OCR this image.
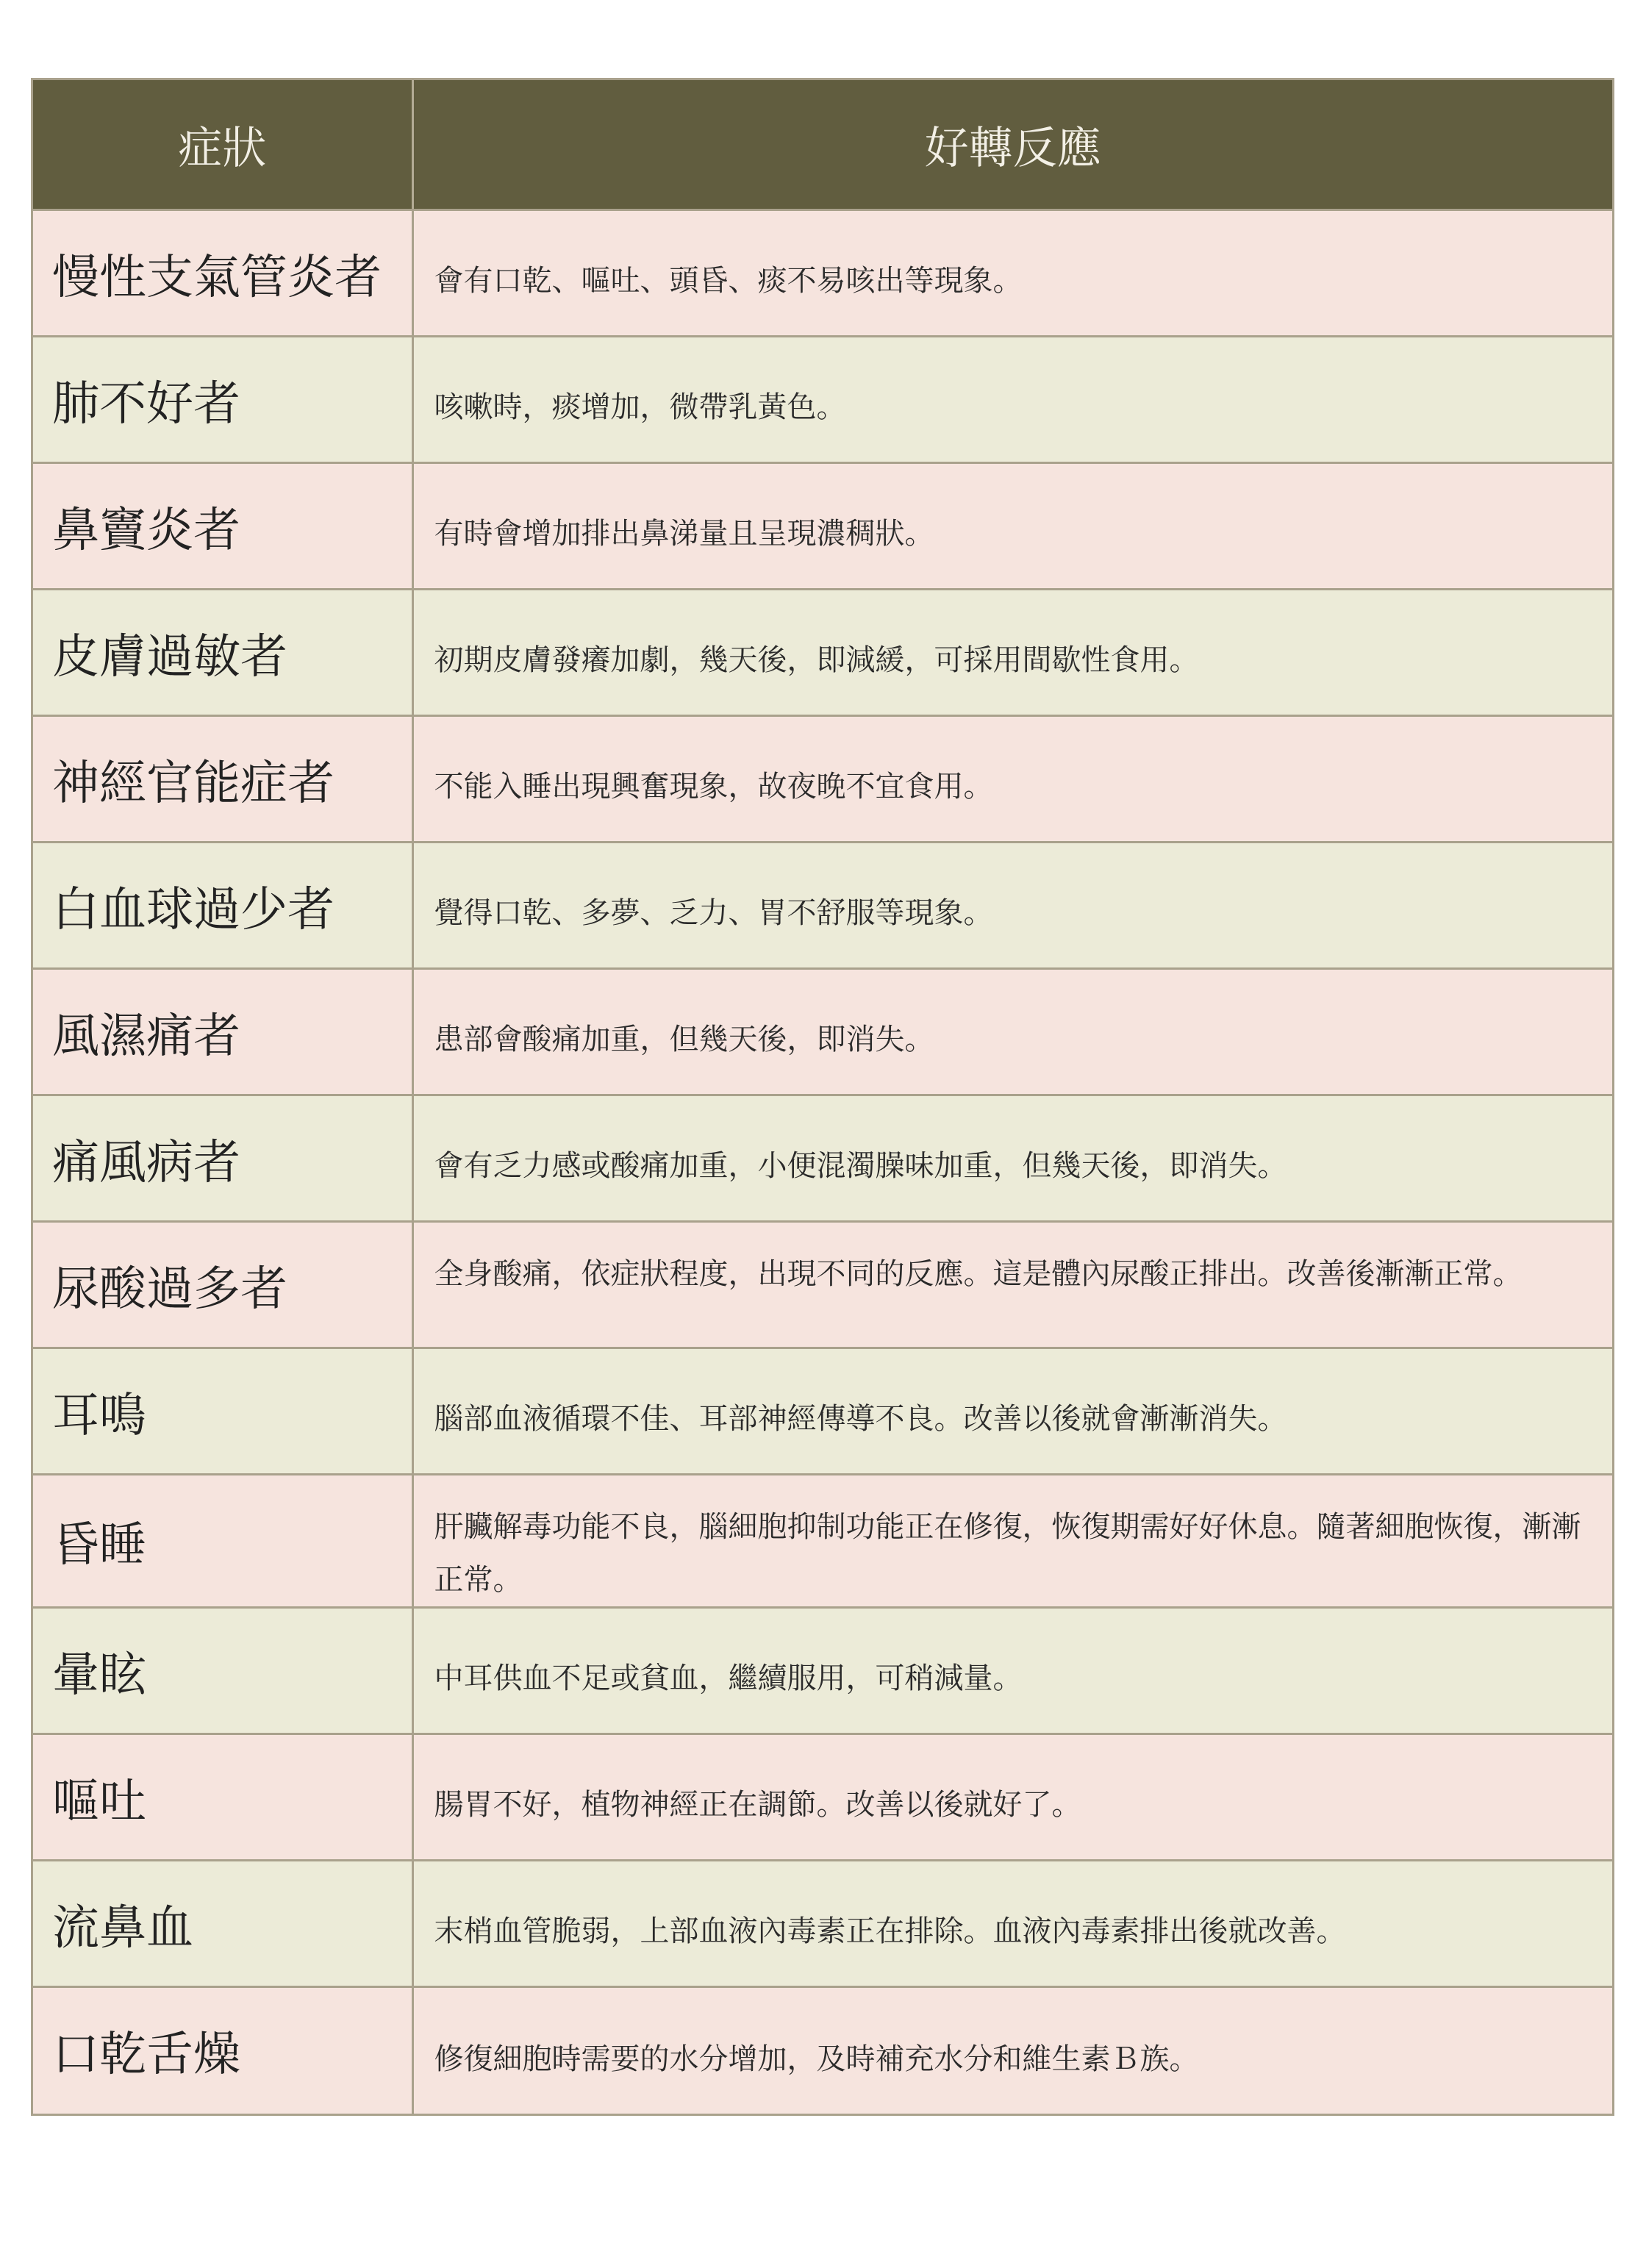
症狀	好轉反應
慢性支氣管炎者	會有口乾、嘔吐、頭昏、痰不易咳出等現象。
肺不好者	咳嗽時，痰增加，微帶乳黃色。
鼻竇炎者	有時會增加排出鼻涕量且呈現濃稠狀。
皮膚過敏者	初期皮膚發癢加劇，幾天後，即減緩，可採用間歇性食用。
神經官能症者	不能入睡出現興奮現象，故夜晚不宜食用。
白血球過少者	覺得口乾、多夢、乏力、胃不舒服等現象。
風濕痛者	患部會酸痛加重，但幾天後，即消失。
痛風病者	會有乏力感或酸痛加重，小便混濁臊味加重，但幾天後，即消失。
尿酸過多者	全身酸痛，依症狀程度，出現不同的反應。這是體內尿酸正排出。改善後漸漸正常。
耳鳴	腦部血液循環不佳、耳部神經傳導不良。改善以後就會漸漸消失。
昏睡	肝臟解毒功能不良，腦細胞抑制功能正在修復，恢復期需好好休息。隨著細胞恢復，漸漸正常。
暈眩	中耳供血不足或貧血，繼續服用，可稍減量。
嘔吐	腸胃不好，植物神經正在調節。改善以後就好了。
流鼻血	末梢血管脆弱，上部血液內毒素正在排除。血液內毒素排出後就改善。
口乾舌燥	修復細胞時需要的水分增加，及時補充水分和維生素Ｂ族。
